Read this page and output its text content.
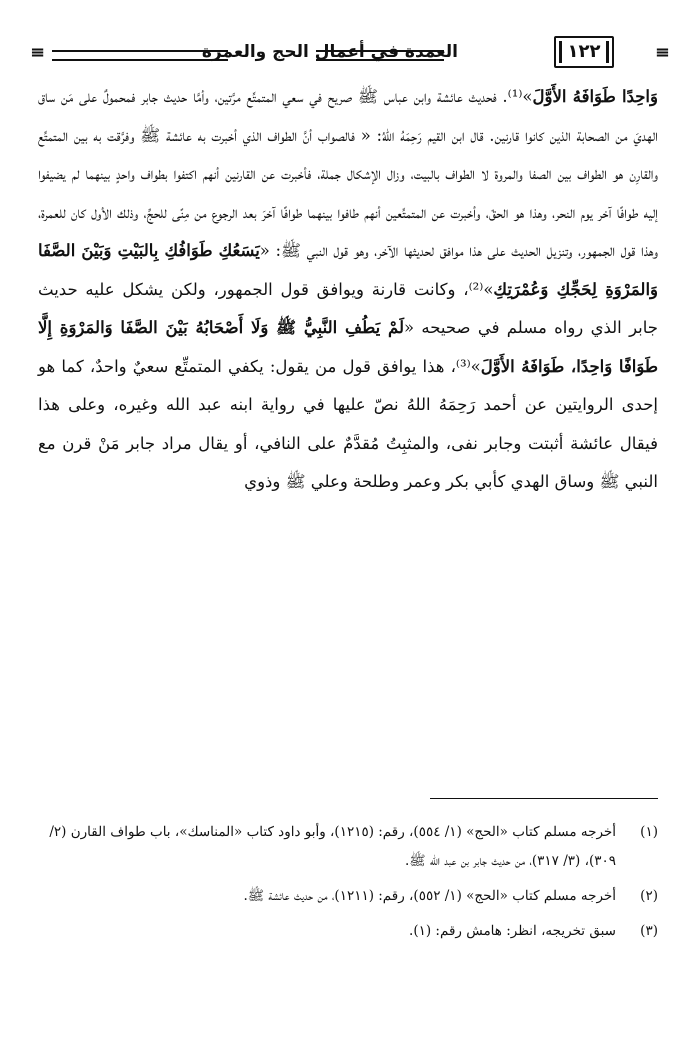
≡
١٢٢
العمدة في أعمال الحج والعمرة
≡

وَاحِدًا طَوَافَهُ الأَوَّلَ»⁽¹⁾. فحديث عائشة وابن عباس ﷺ صريح في سعي المتمتِّع مرَّتين، وأمَّا حديث جابر فمحمولٌ على مَن ساق الهديَ من الصحابة الذين كانوا قارنين. قال ابن القيم رَحِمَهُ اللهُ: « فالصواب أنَّ الطواف الذي أخبرت به عائشة ﷺ وفرَّقت به بين المتمتِّع والقارِن هو الطواف بين الصفا والمروة لا الطواف بالبيت، وزال الإشكال جملة، فأخبرت عن القارنين أنهم اكتفوا بطواف واحدٍ بينهما لم يضيفوا إليه طوافًا آخر يوم النحر، وهذا هو الحقّ، وأخبرت عن المتمتِّعين أنهم طافوا بينهما طوافًا آخرَ بعد الرجوع من مِنًى للحجِّ، وذلك الأول كان للعمرة، وهذا قول الجمهور، وتنزيل الحديث على هذا موافق لحديثها الآخر، وهو قول النبي ﷺ: «يَسَعُكِ طَوَافُكِ بِالبَيْتِ وَبَيْنَ الصَّفَا وَالمَرْوَةِ لِحَجِّكِ وَعُمْرَتِكِ»⁽²⁾، وكانت قارنة ويوافق قول الجمهور، ولكن يشكل عليه حديث جابر الذي رواه مسلم في صحيحه «لَمْ يَطُفِ النَّبِيُّ ﷺ وَلَا أَصْحَابُهُ بَيْنَ الصَّفَا وَالمَرْوَةِ إِلَّا طَوَافًا وَاحِدًا، طَوَافَهُ الأَوَّلَ»⁽³⁾، هذا يوافق قول من يقول: يكفي المتمتِّع سعيٌ واحدٌ، كما هو إحدى الروايتين عن أحمد رَحِمَهُ اللهُ نصّ عليها في رواية ابنه عبد الله وغيره، وعلى هذا فيقال عائشة أثبتت وجابر نفى، والمثبِتُ مُقدَّمٌ على النافي، أو يقال مراد جابر مَنْ قرن مع النبي ﷺ وساق الهدي كأبي بكر وعمر وطلحة وعلي ﷺ وذوي

(١)
أخرجه مسلم كتاب «الحج» (١/ ٥٥٤)، رقم: (١٢١٥)، وأبو داود كتاب «المناسك»، باب طواف القارن (٢/ ٣٠٩)، (٣/ ٣١٧)، من حديث جابر بن عبد الله ﷺ.
(٢)
أخرجه مسلم كتاب «الحج» (١/ ٥٥٢)، رقم: (١٢١١)، من حديث عائشة ﷺ.
(٣)
سبق تخريجه، انظر: هامش رقم: (١).
